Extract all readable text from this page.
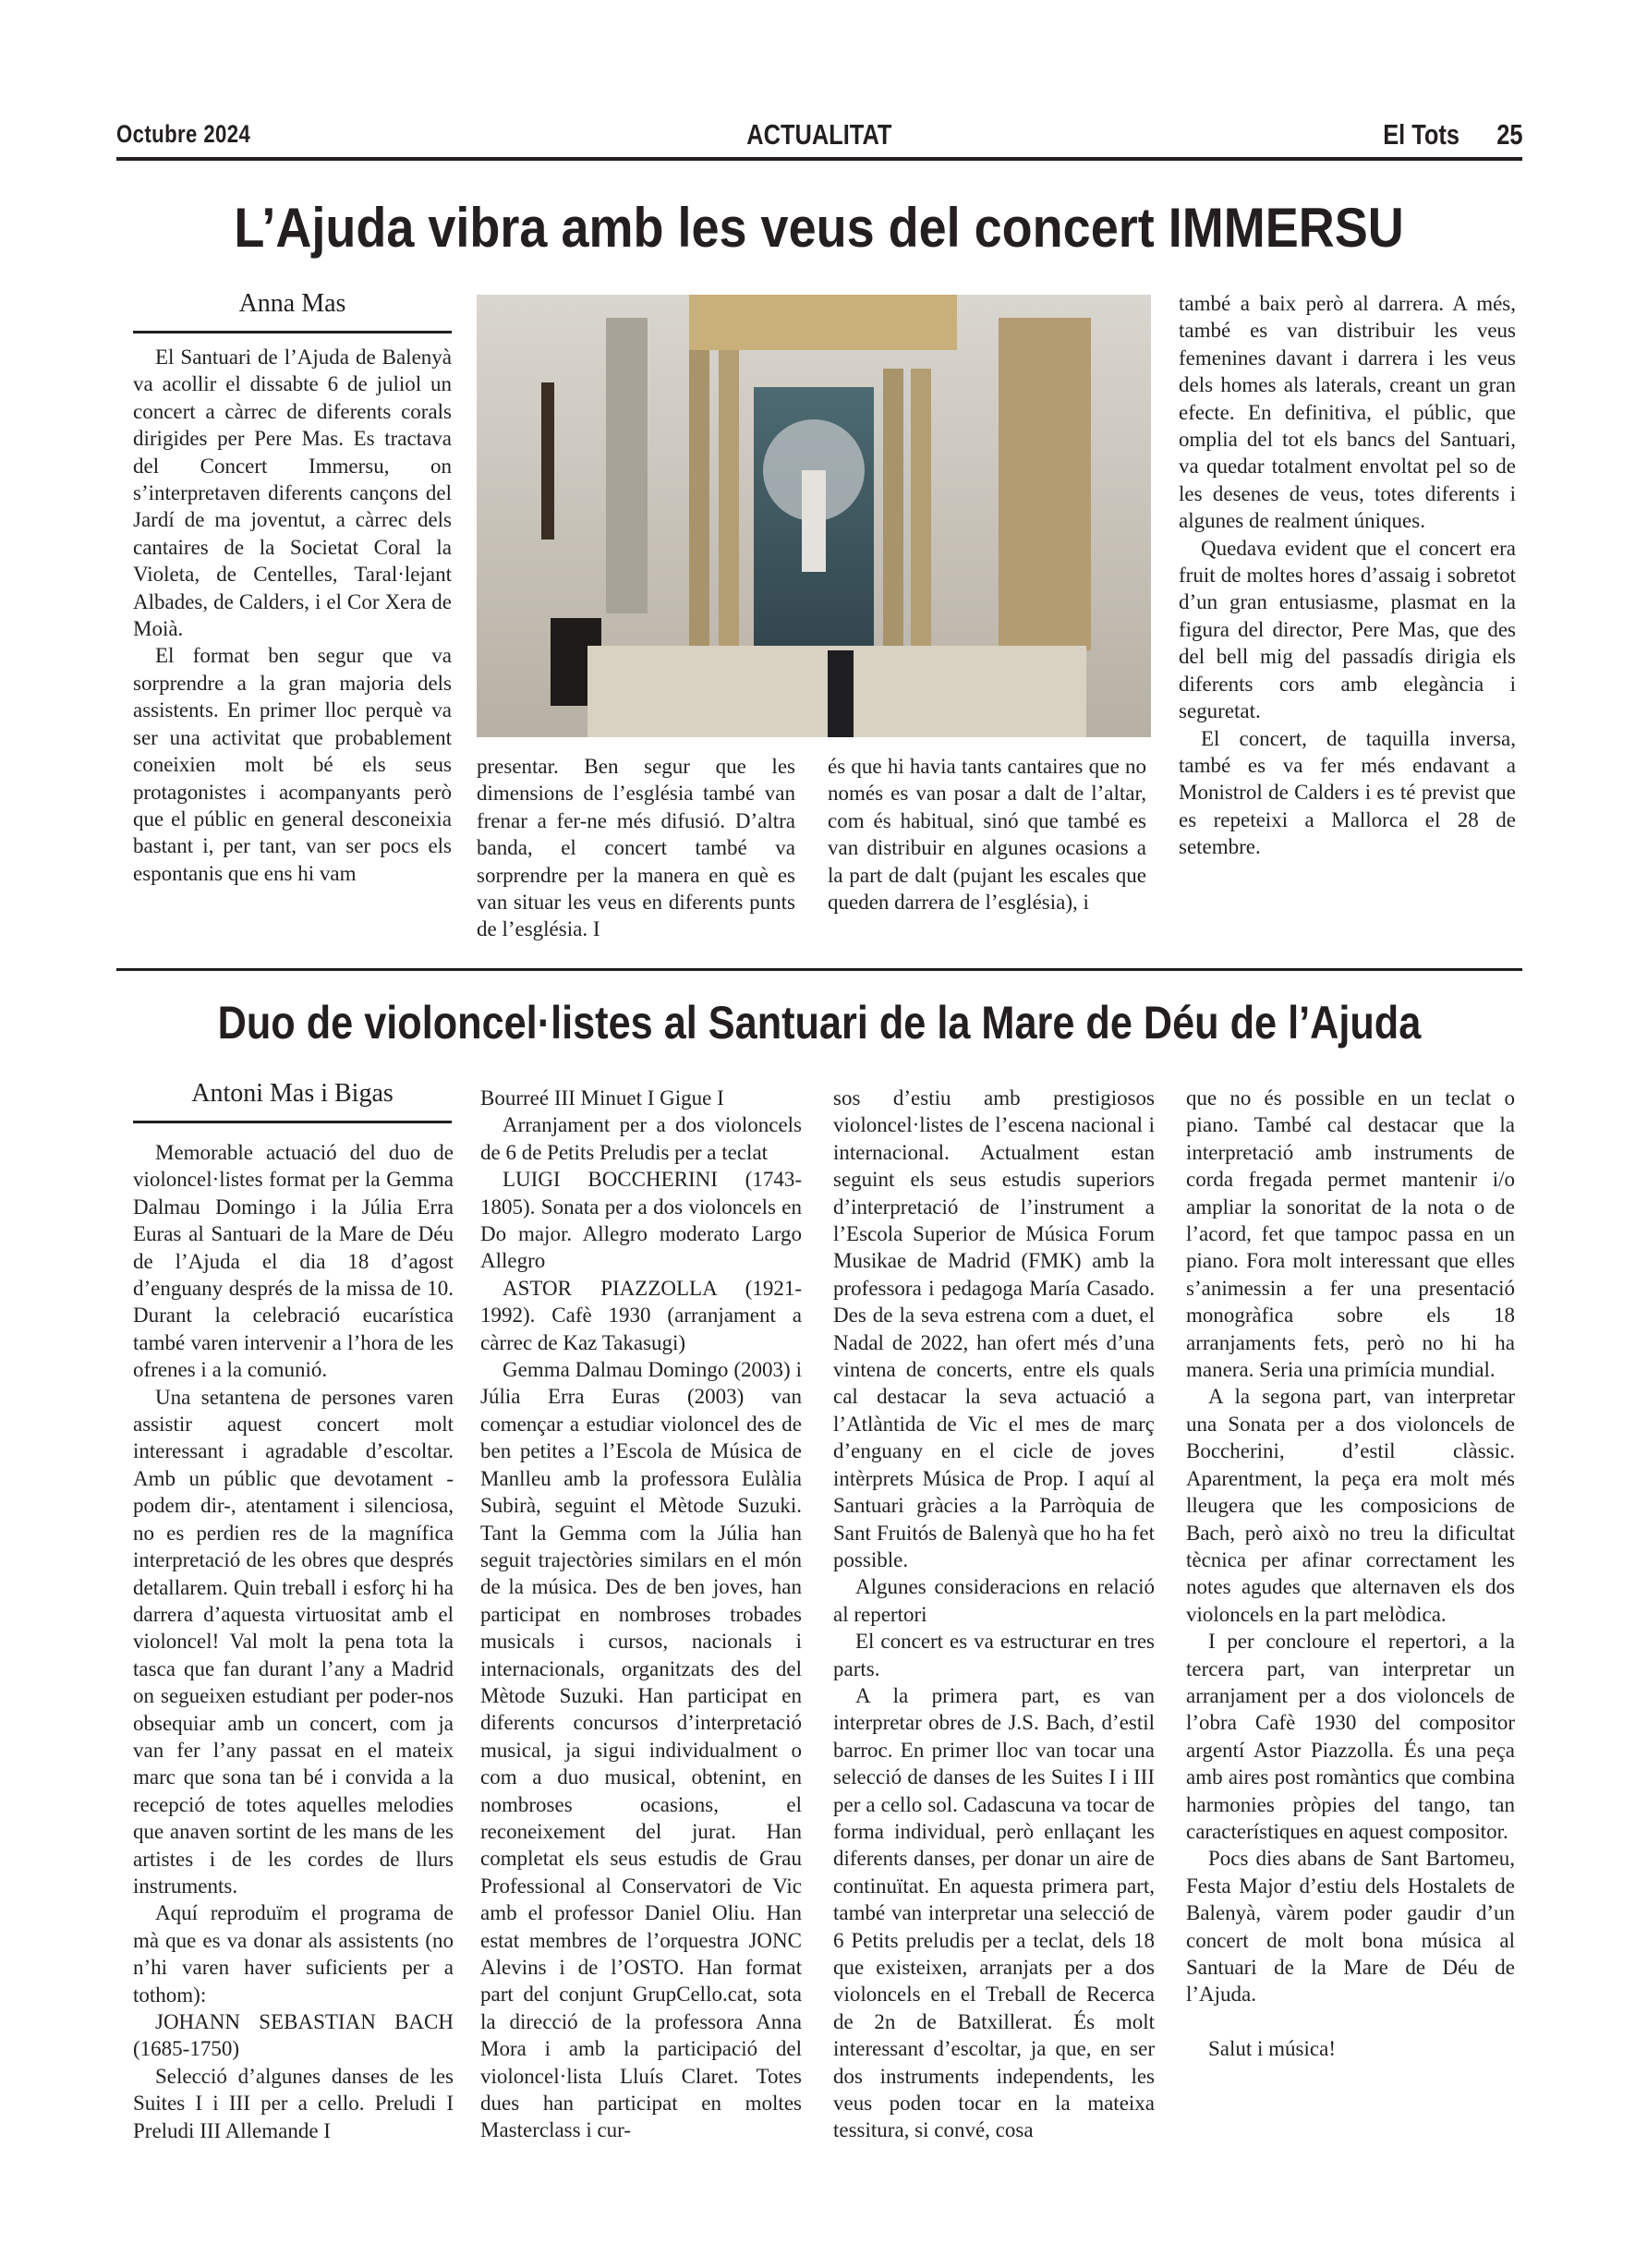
Octubre 2024	ACTUALITAT	El Tots 25
L’Ajuda vibra amb les veus del concert IMMERSU
Anna Mas

El Santuari de l’Ajuda de Balenyà va acollir el dissabte 6 de juliol un concert a càrrec de diferents corals dirigides per Pere Mas. Es tractava del Concert Immersu, on s’interpretaven diferents cançons del Jardí de ma joventut, a càrrec dels cantaires de la Societat Coral la Violeta, de Centelles, Taral·lejant Albades, de Calders, i el Cor Xera de Moià.

El format ben segur que va sorprendre a la gran majoria dels assistents. En primer lloc perquè va ser una activitat que probablement coneixien molt bé els seus protagonistes i acompanyants però que el públic en general desconeixia bastant i, per tant, van ser pocs els espontanis que ens hi vam

presentar. Ben segur que les dimensions de l’església també van frenar a fer-ne més difusió. D’altra banda, el concert també va sorprendre per la manera en què es van situar les veus en diferents punts de l’església. I

és que hi havia tants cantaires que no només es van posar a dalt de l’altar, com és habitual, sinó que també es van distribuir en algunes ocasions a la part de dalt (pujant les escales que queden darrera de l’església), i

també a baix però al darrera. A més, també es van distribuir les veus femenines davant i darrera i les veus dels homes als laterals, creant un gran efecte. En definitiva, el públic, que omplia del tot els bancs del Santuari, va quedar totalment envoltat pel so de les desenes de veus, totes diferents i algunes de realment úniques.

Quedava evident que el concert era fruit de moltes hores d’assaig i sobretot d’un gran entusiasme, plasmat en la figura del director, Pere Mas, que des del bell mig del passadís dirigia els diferents cors amb elegància i seguretat.

El concert, de taquilla inversa, també es va fer més endavant a Monistrol de Calders i es té previst que es repeteixi a Mallorca el 28 de setembre.

Duo de violoncel·listes al Santuari de la Mare de Déu de l’Ajuda
Antoni Mas i Bigas

Memorable actuació del duo de violoncel·listes format per la Gemma Dalmau Domingo i la Júlia Erra Euras al Santuari de la Mare de Déu de l’Ajuda el dia 18 d’agost d’enguany després de la missa de 10. Durant la celebració eucarística també varen intervenir a l’hora de les ofrenes i a la comunió.

Una setantena de persones varen assistir aquest concert molt interessant i agradable d’escoltar. Amb un públic que devotament -podem dir-, atentament i silenciosa, no es perdien res de la magnífica interpretació de les obres que després detallarem. Quin treball i esforç hi ha darrera d’aquesta virtuositat amb el violoncel! Val molt la pena tota la tasca que fan durant l’any a Madrid on segueixen estudiant per poder-nos obsequiar amb un concert, com ja van fer l’any passat en el mateix marc que sona tan bé i convida a la recepció de totes aquelles melodies que anaven sortint de les mans de les artistes i de les cordes de llurs instruments.

Aquí reproduïm el programa de mà que es va donar als assistents (no n’hi varen haver suficients per a tothom):

JOHANN SEBASTIAN BACH (1685-1750)

Selecció d’algunes danses de les Suites I i III per a cello. Preludi I Preludi III Allemande I

Bourreé III Minuet I Gigue I

Arranjament per a dos violoncels de 6 de Petits Preludis per a teclat

LUIGI BOCCHERINI (1743-1805). Sonata per a dos violoncels en Do major. Allegro moderato Largo Allegro

ASTOR PIAZZOLLA (1921-1992). Cafè 1930 (arranjament a càrrec de Kaz Takasugi)

Gemma Dalmau Domingo (2003) i Júlia Erra Euras (2003) van començar a estudiar violoncel des de ben petites a l’Escola de Música de Manlleu amb la professora Eulàlia Subirà, seguint el Mètode Suzuki. Tant la Gemma com la Júlia han seguit trajectòries similars en el món de la música. Des de ben joves, han participat en nombroses trobades musicals i cursos, nacionals i internacionals, organitzats des del Mètode Suzuki. Han participat en diferents concursos d’interpretació musical, ja sigui individualment o com a duo musical, obtenint, en nombroses ocasions, el reconeixement del jurat. Han completat els seus estudis de Grau Professional al Conservatori de Vic amb el professor Daniel Oliu. Han estat membres de l’orquestra JONC Alevins i de l’OSTO. Han format part del conjunt GrupCello.cat, sota la direcció de la professora Anna Mora i amb la participació del violoncel·lista Lluís Claret. Totes dues han participat en moltes Masterclass i cur-

sos d’estiu amb prestigiosos violoncel·listes de l’escena nacional i internacional. Actualment estan seguint els seus estudis superiors d’interpretació de l’instrument a l’Escola Superior de Música Forum Musikae de Madrid (FMK) amb la professora i pedagoga María Casado. Des de la seva estrena com a duet, el Nadal de 2022, han ofert més d’una vintena de concerts, entre els quals cal destacar la seva actuació a l’Atlàntida de Vic el mes de març d’enguany en el cicle de joves intèrprets Música de Prop. I aquí al Santuari gràcies a la Parròquia de Sant Fruitós de Balenyà que ho ha fet possible.

Algunes consideracions en relació al repertori

El concert es va estructurar en tres parts.

A la primera part, es van interpretar obres de J.S. Bach, d’estil barroc. En primer lloc van tocar una selecció de danses de les Suites I i III per a cello sol. Cadascuna va tocar de forma individual, però enllaçant les diferents danses, per donar un aire de continuïtat. En aquesta primera part, també van interpretar una selecció de 6 Petits preludis per a teclat, dels 18 que existeixen, arranjats per a dos violoncels en el Treball de Recerca de 2n de Batxillerat. És molt interessant d’escoltar, ja que, en ser dos instruments independents, les veus poden tocar en la mateixa tessitura, si convé, cosa

que no és possible en un teclat o piano. També cal destacar que la interpretació amb instruments de corda fregada permet mantenir i/o ampliar la sonoritat de la nota o de l’acord, fet que tampoc passa en un piano. Fora molt interessant que elles s’animessin a fer una presentació monogràfica sobre els 18 arranjaments fets, però no hi ha manera. Seria una primícia mundial.

A la segona part, van interpretar una Sonata per a dos violoncels de Boccherini, d’estil clàssic. Aparentment, la peça era molt més lleugera que les composicions de Bach, però això no treu la dificultat tècnica per afinar correctament les notes agudes que alternaven els dos violoncels en la part melòdica.

I per concloure el repertori, a la tercera part, van interpretar un arranjament per a dos violoncels de l’obra Cafè 1930 del compositor argentí Astor Piazzolla. És una peça amb aires post romàntics que combina harmonies pròpies del tango, tan característiques en aquest compositor.

Pocs dies abans de Sant Bartomeu, Festa Major d’estiu dels Hostalets de Balenyà, vàrem poder gaudir d’un concert de molt bona música al Santuari de la Mare de Déu de l’Ajuda.

Salut i música!
